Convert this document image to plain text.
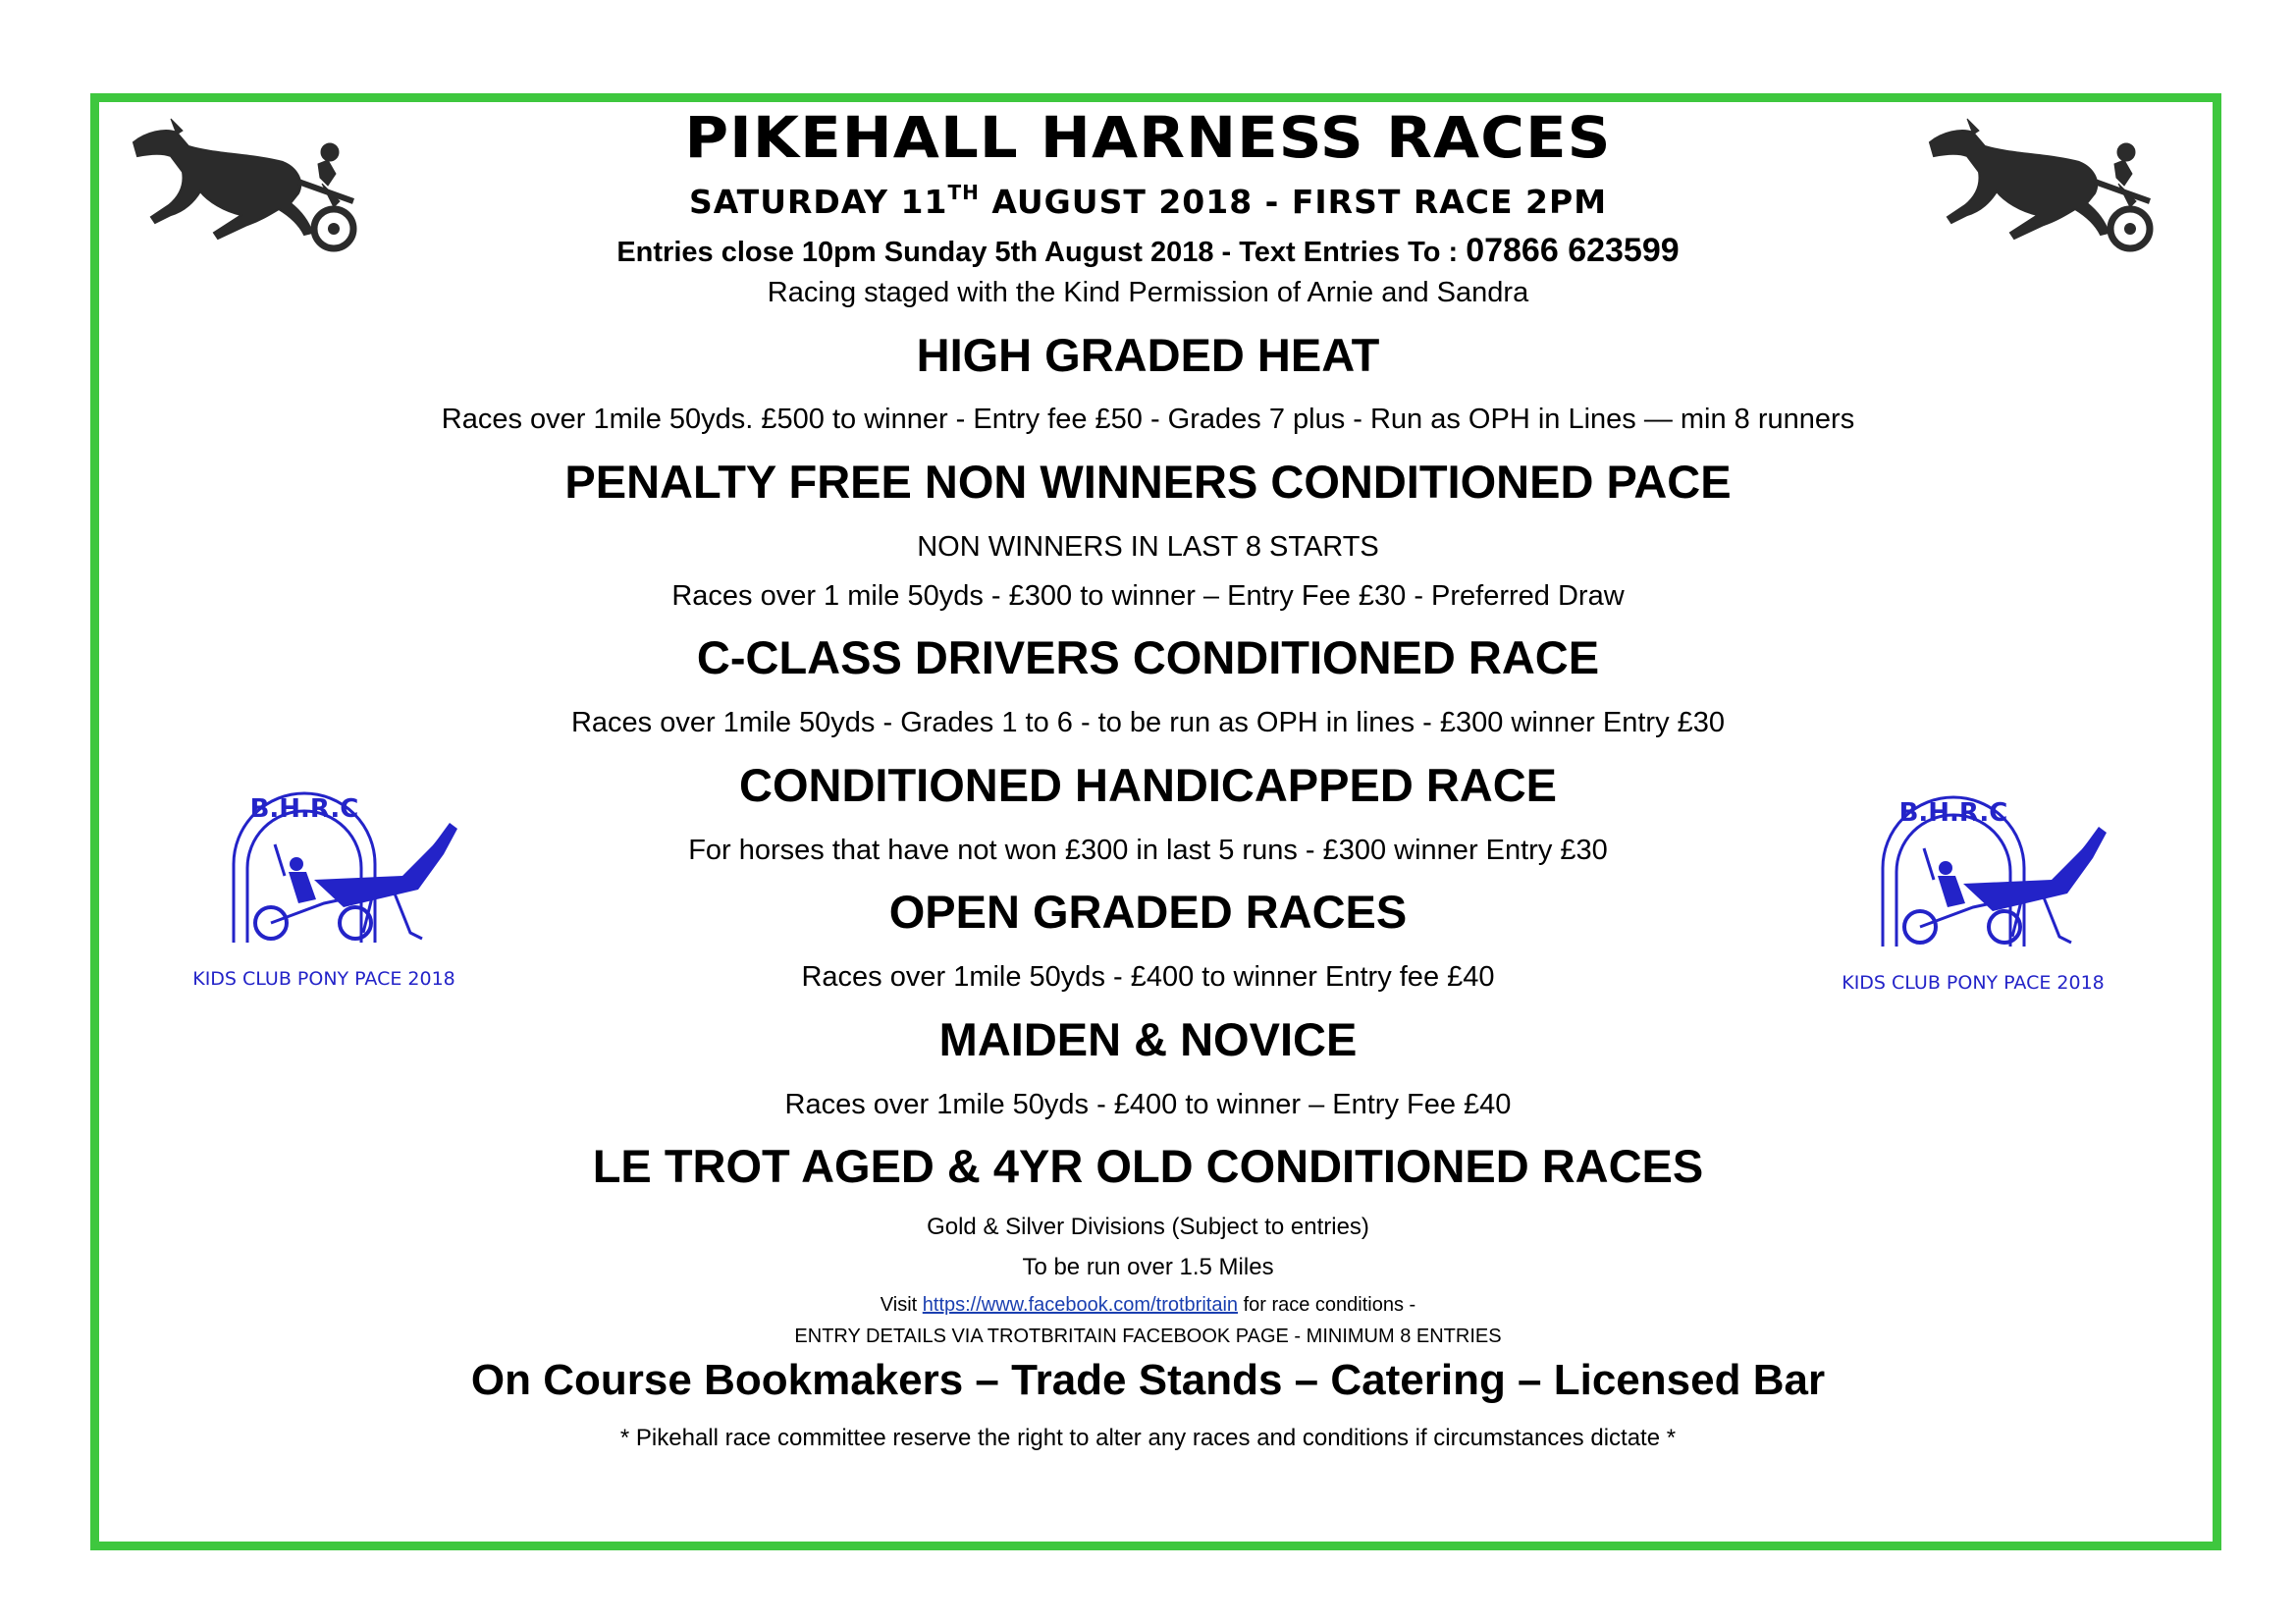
PIKEHALL HARNESS RACES
SATURDAY 11TH AUGUST 2018 - FIRST RACE 2PM
Entries close 10pm Sunday 5th August 2018 - Text Entries To : 07866 623599
Racing staged with the Kind Permission of Arnie and Sandra
HIGH GRADED HEAT
Races over 1mile 50yds. £500 to winner - Entry fee £50 - Grades 7 plus - Run as OPH in Lines — min 8 runners
PENALTY FREE NON WINNERS CONDITIONED PACE
NON WINNERS IN LAST 8 STARTS
Races over 1 mile 50yds - £300 to winner – Entry Fee £30 - Preferred Draw
C-CLASS DRIVERS CONDITIONED RACE
Races over 1mile 50yds - Grades 1 to 6 - to be run as OPH in lines - £300 winner Entry £30
CONDITIONED HANDICAPPED RACE
For horses that have not won £300 in last 5 runs - £300 winner Entry £30
OPEN GRADED RACES
Races over 1mile 50yds - £400 to winner Entry fee £40
MAIDEN & NOVICE
Races over 1mile 50yds - £400 to winner – Entry Fee £40
LE TROT AGED & 4YR OLD CONDITIONED RACES
Gold & Silver Divisions (Subject to entries)
To be run over 1.5 Miles
Visit https://www.facebook.com/trotbritain for race conditions -
ENTRY DETAILS VIA TROTBRITAIN FACEBOOK PAGE - MINIMUM 8 ENTRIES
On Course Bookmakers – Trade Stands – Catering – Licensed Bar
* Pikehall race committee reserve the right to alter any races and conditions if circumstances dictate *
B.H.R.C
KIDS CLUB PONY PACE 2018
B.H.R.C
KIDS CLUB PONY PACE 2018
